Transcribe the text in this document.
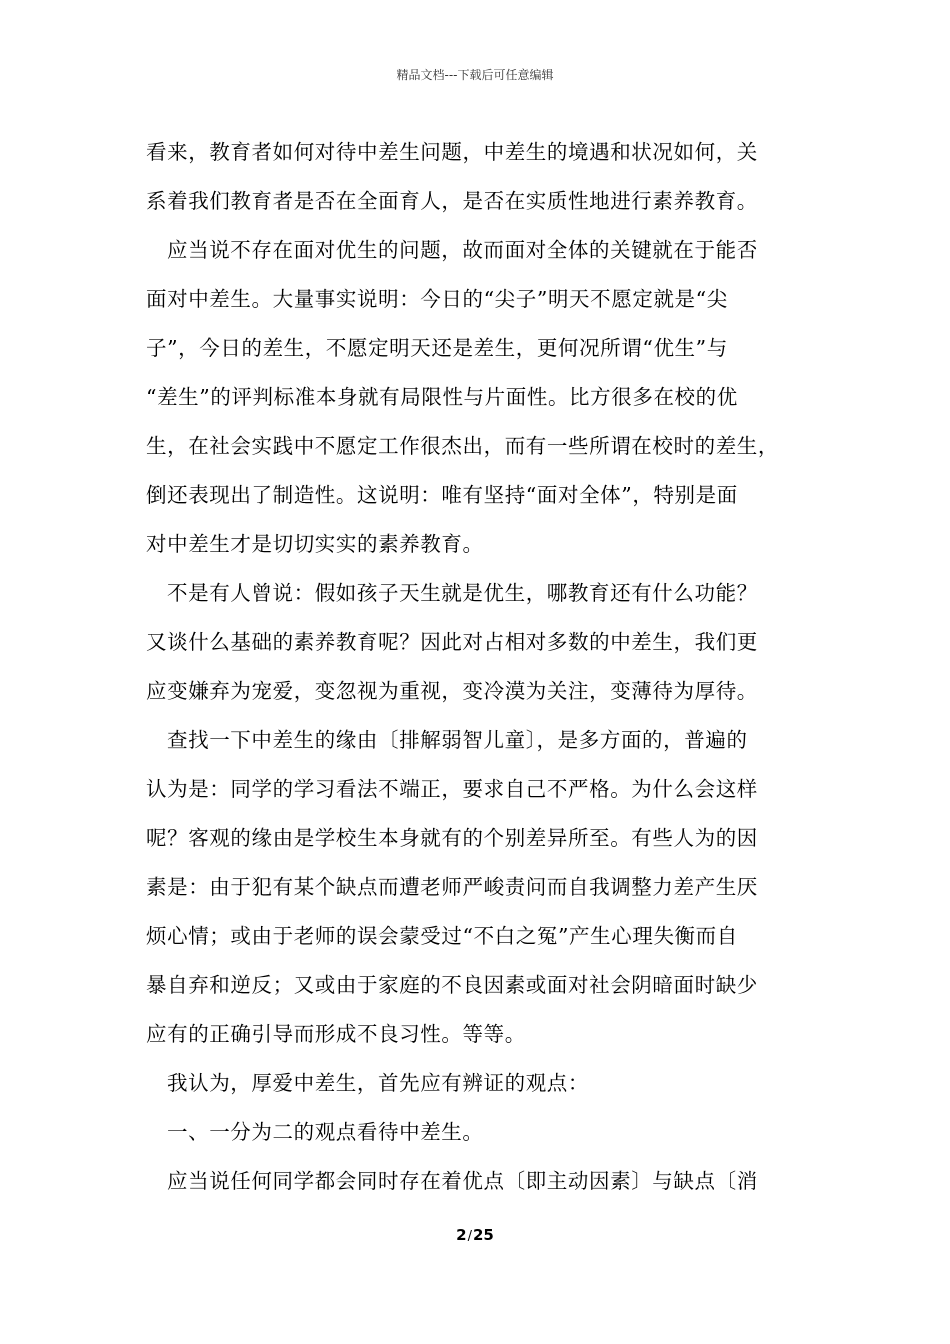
精品文档---下载后可任意编辑
看来，教育者如何对待中差生问题，中差生的境遇和状况如何，关
系着我们教育者是否在全面育人，是否在实质性地进行素养教育。
应当说不存在面对优生的问题，故而面对全体的关键就在于能否
面对中差生。大量事实说明：今日的“尖子”明天不愿定就是“尖
子”，今日的差生，不愿定明天还是差生，更何况所谓“优生”与
“差生”的评判标准本身就有局限性与片面性。比方很多在校的优
生，在社会实践中不愿定工作很杰出，而有一些所谓在校时的差生，
倒还表现出了制造性。这说明：唯有坚持“面对全体”，特别是面
对中差生才是切切实实的素养教育。
不是有人曾说：假如孩子天生就是优生，哪教育还有什么功能？
又谈什么基础的素养教育呢？因此对占相对多数的中差生，我们更
应变嫌弃为宠爱，变忽视为重视，变冷漠为关注，变薄待为厚待。
查找一下中差生的缘由〔排解弱智儿童〕，是多方面的，普遍的
认为是：同学的学习看法不端正，要求自己不严格。为什么会这样
呢？客观的缘由是学校生本身就有的个别差异所至。有些人为的因
素是：由于犯有某个缺点而遭老师严峻责问而自我调整力差产生厌
烦心情；或由于老师的误会蒙受过“不白之冤”产生心理失衡而自
暴自弃和逆反；又或由于家庭的不良因素或面对社会阴暗面时缺少
应有的正确引导而形成不良习性。等等。
我认为，厚爱中差生，首先应有辨证的观点：
一、一分为二的观点看待中差生。
应当说任何同学都会同时存在着优点〔即主动因素〕与缺点〔消
2/25
